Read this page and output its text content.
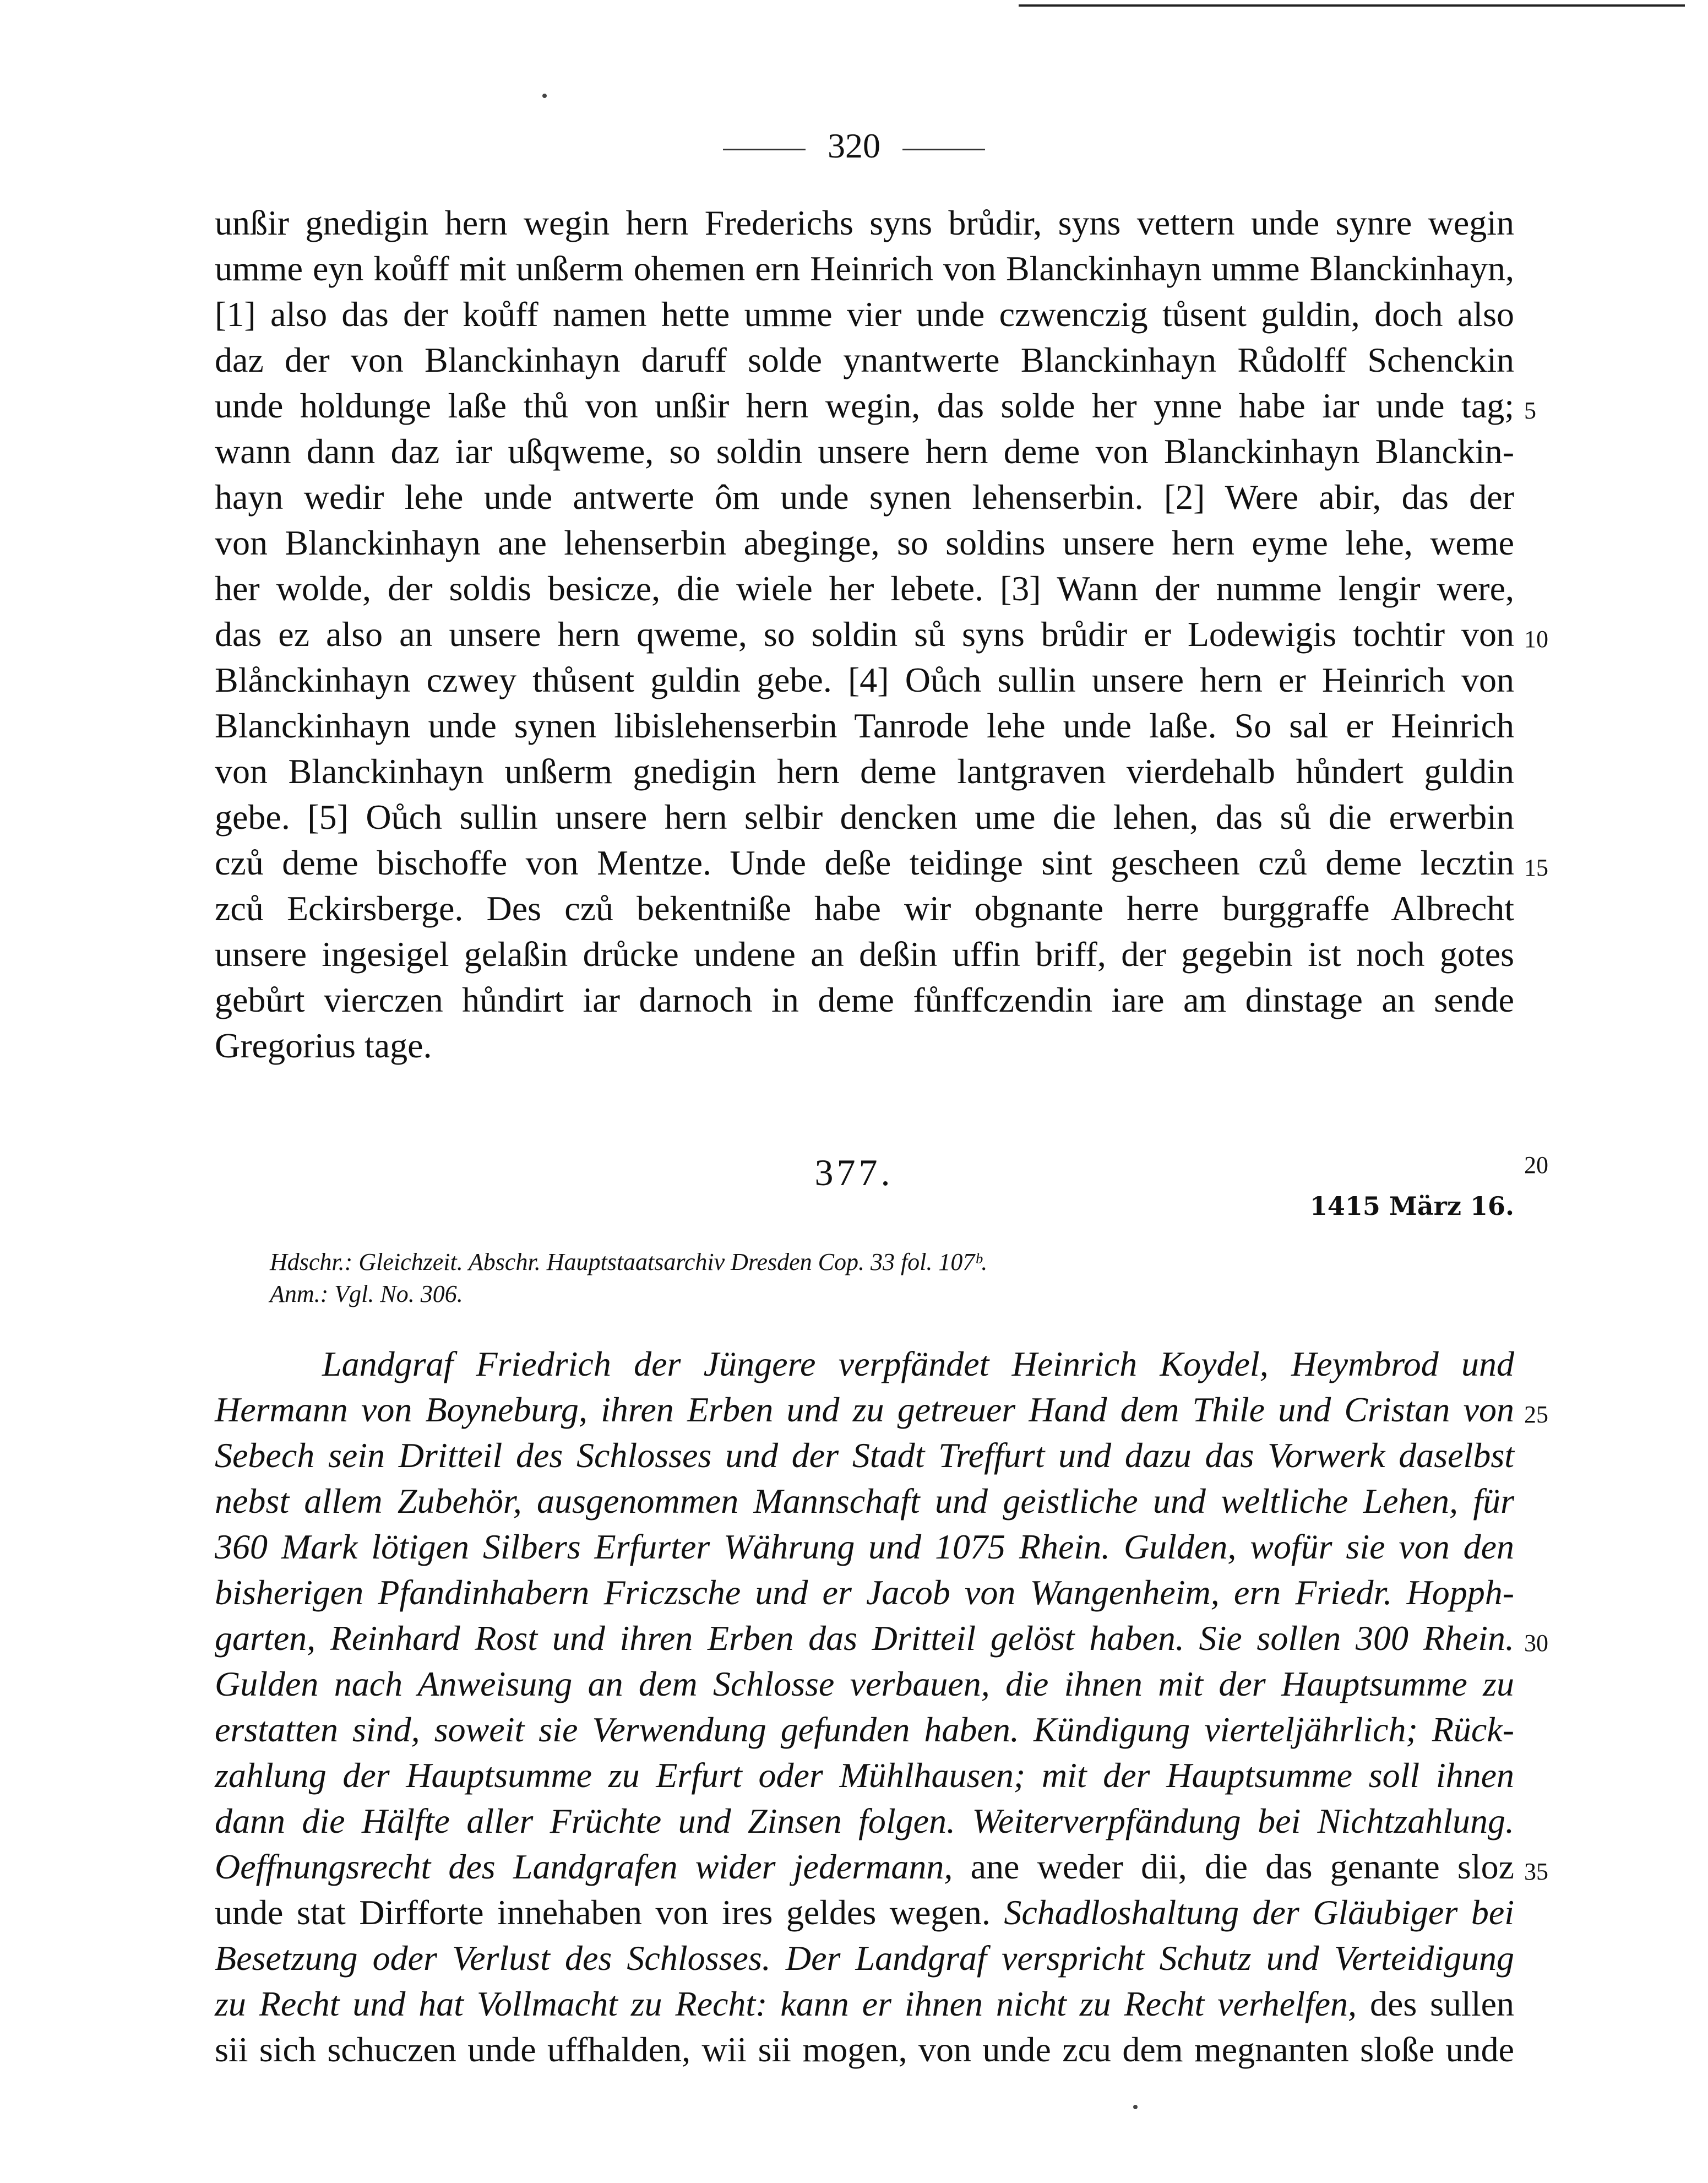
320
unßir gnedigin hern wegin hern Frederichs syns brůdir, syns vettern unde synre wegin
umme eyn koůff mit unßerm ohemen ern Heinrich von Blanckinhayn umme Blanckinhayn,
[1] also das der koůff namen hette umme vier unde czwenczig tůsent guldin, doch also
daz der von Blanckinhayn daruff solde ynantwerte Blanckinhayn Růdolff Schenckin
unde holdunge laße thů von unßir hern wegin, das solde her ynne habe iar unde tag;
wann dann daz iar ußqweme, so soldin unsere hern deme von Blanckinhayn Blanckin-
hayn wedir lehe unde antwerte ôm unde synen lehenserbin. [2] Were abir, das der
von Blanckinhayn ane lehenserbin abeginge, so soldins unsere hern eyme lehe, weme
her wolde, der soldis besicze, die wiele her lebete. [3] Wann der numme lengir were,
das ez also an unsere hern qweme, so soldin sů syns brůdir er Lodewigis tochtir von
Blånckinhayn czwey thůsent guldin gebe. [4] Oůch sullin unsere hern er Heinrich von
Blanckinhayn unde synen libislehenserbin Tanrode lehe unde laße. So sal er Heinrich
von Blanckinhayn unßerm gnedigin hern deme lantgraven vierdehalb hůndert guldin
gebe. [5] Oůch sullin unsere hern selbir dencken ume die lehen, das sů die erwerbin
czů deme bischoffe von Mentze. Unde deße teidinge sint gescheen czů deme lecztin
zců Eckirsberge. Des czů bekentniße habe wir obgnante herre burggraffe Albrecht
unsere ingesigel gelaßin drůcke undene an deßin uffin briff, der gegebin ist noch gotes
gebůrt vierczen hůndirt iar darnoch in deme fůnffczendin iare am dinstage an sende
Gregorius tage.
5
10
15
377.	20
1415 März 16.
Hdschr.: Gleichzeit. Abschr. Hauptstaatsarchiv Dresden Cop. 33 fol. 107ᵇ.
Anm.: Vgl. No. 306.
Landgraf Friedrich der Jüngere verpfändet Heinrich Koydel, Heymbrod und
Hermann von Boyneburg, ihren Erben und zu getreuer Hand dem Thile und Cristan von
Sebech sein Dritteil des Schlosses und der Stadt Treffurt und dazu das Vorwerk daselbst
nebst allem Zubehör, ausgenommen Mannschaft und geistliche und weltliche Lehen, für
360 Mark lötigen Silbers Erfurter Währung und 1075 Rhein. Gulden, wofür sie von den
bisherigen Pfandinhabern Friczsche und er Jacob von Wangenheim, ern Friedr. Hopph-
garten, Reinhard Rost und ihren Erben das Dritteil gelöst haben. Sie sollen 300 Rhein.
Gulden nach Anweisung an dem Schlosse verbauen, die ihnen mit der Hauptsumme zu
erstatten sind, soweit sie Verwendung gefunden haben. Kündigung vierteljährlich; Rück-
zahlung der Hauptsumme zu Erfurt oder Mühlhausen; mit der Hauptsumme soll ihnen
dann die Hälfte aller Früchte und Zinsen folgen. Weiterverpfändung bei Nichtzahlung.
Oeffnungsrecht des Landgrafen wider jedermann, ane weder dii, die das genante sloz
unde stat Dirfforte innehaben von ires geldes wegen. Schadloshaltung der Gläubiger bei
Besetzung oder Verlust des Schlosses. Der Landgraf verspricht Schutz und Verteidigung
zu Recht und hat Vollmacht zu Recht: kann er ihnen nicht zu Recht verhelfen, des sullen
sii sich schuczen unde uffhalden, wii sii mogen, von unde zcu dem megnanten sloße unde
25
30
35
